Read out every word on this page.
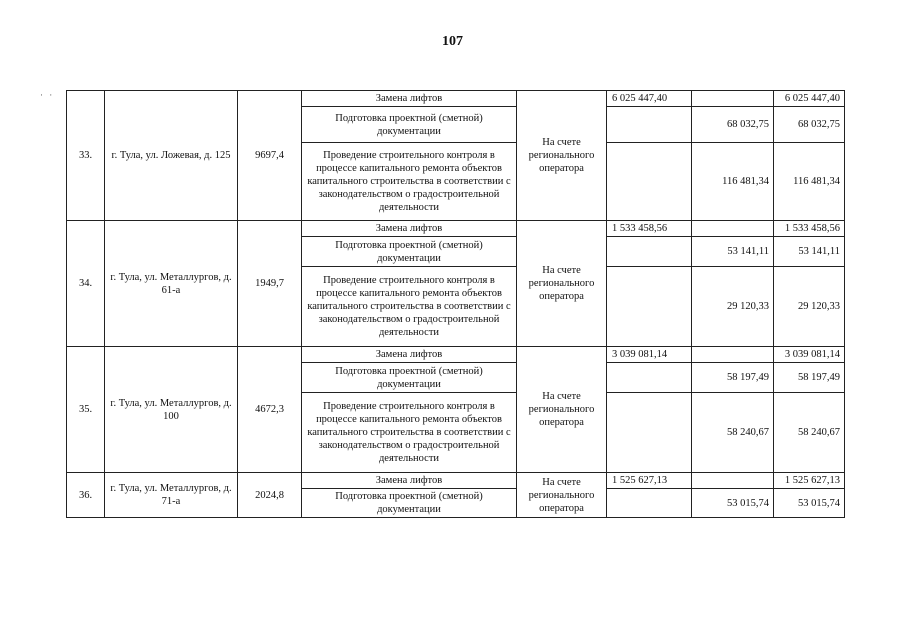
107
· ·
33.	г. Тула, ул. Ложевая, д. 125	9697,4	Замена лифтов	На счете регионального оператора	6 025 447,40		6 025 447,40
			Подготовка проектной (сметной) документации			68 032,75	68 032,75
			Проведение строительного контроля в процессе капитального ремонта объектов капитального строительства в соответствии с законодательством о градостроительной деятельности			116 481,34	116 481,34
34.	г. Тула, ул. Металлургов, д. 61-а	1949,7	Замена лифтов	На счете регионального оператора	1 533 458,56		1 533 458,56
			Подготовка проектной (сметной) документации			53 141,11	53 141,11
			Проведение строительного контроля в процессе капитального ремонта объектов капитального строительства в соответствии с законодательством о градостроительной деятельности			29 120,33	29 120,33
35.	г. Тула, ул. Металлургов, д. 100	4672,3	Замена лифтов	На счете регионального оператора	3 039 081,14		3 039 081,14
			Подготовка проектной (сметной) документации			58 197,49	58 197,49
			Проведение строительного контроля в процессе капитального ремонта объектов капитального строительства в соответствии с законодательством о градостроительной деятельности			58 240,67	58 240,67
36.	г. Тула, ул. Металлургов, д. 71-а	2024,8	Замена лифтов	На счете регионального оператора	1 525 627,13		1 525 627,13
			Подготовка проектной (сметной) документации			53 015,74	53 015,74
